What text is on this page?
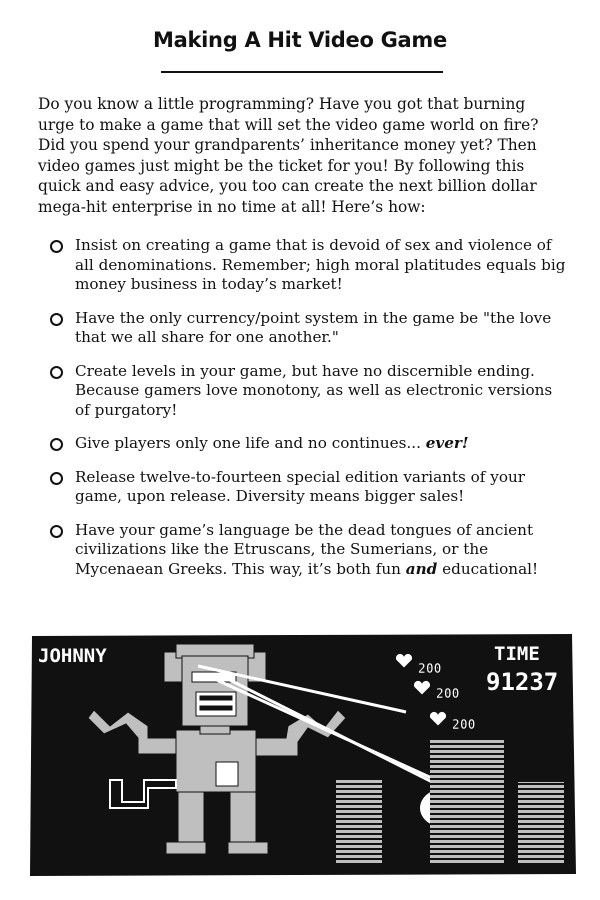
Making A Hit Video Game

Do you know a little programming? Have you got that burning urge to make a game that will set the video game world on fire? Did you spend your grandparents’ inheritance money yet? Then video games just might be the ticket for you! By following this quick and easy advice, you too can create the next billion dollar mega-hit enterprise in no time at all! Here’s how:

Insist on creating a game that is devoid of sex and violence of all denominations. Remember; high moral platitudes equals big money business in today’s market!
Have the only currency/point system in the game be "the love that we all share for one another."
Create levels in your game, but have no discernible ending. Because gamers love monotony, as well as electronic versions of purgatory!
Give players only one life and no continues... ever!
Release twelve-to-fourteen special edition variants of your game, upon release. Diversity means bigger sales!
Have your game’s language be the dead tongues of ancient civilizations like the Etruscans, the Sumerians, or the Mycenaean Greeks. This way, it’s both fun and educational!
JOHNNY	TIME
91237
200
200
200
